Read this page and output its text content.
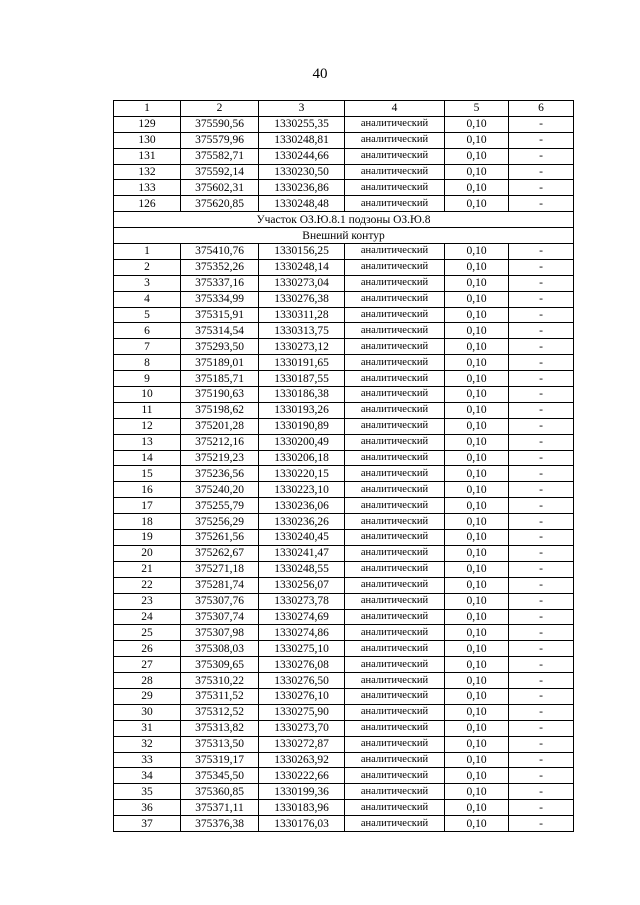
40
1	2	3	4	5	6
129	375590,56	1330255,35	аналитический	0,10	-
130	375579,96	1330248,81	аналитический	0,10	-
131	375582,71	1330244,66	аналитический	0,10	-
132	375592,14	1330230,50	аналитический	0,10	-
133	375602,31	1330236,86	аналитический	0,10	-
126	375620,85	1330248,48	аналитический	0,10	-
Участок ОЗ.Ю.8.1 подзоны ОЗ.Ю.8					
Внешний контур					
1	375410,76	1330156,25	аналитический	0,10	-
2	375352,26	1330248,14	аналитический	0,10	-
3	375337,16	1330273,04	аналитический	0,10	-
4	375334,99	1330276,38	аналитический	0,10	-
5	375315,91	1330311,28	аналитический	0,10	-
6	375314,54	1330313,75	аналитический	0,10	-
7	375293,50	1330273,12	аналитический	0,10	-
8	375189,01	1330191,65	аналитический	0,10	-
9	375185,71	1330187,55	аналитический	0,10	-
10	375190,63	1330186,38	аналитический	0,10	-
11	375198,62	1330193,26	аналитический	0,10	-
12	375201,28	1330190,89	аналитический	0,10	-
13	375212,16	1330200,49	аналитический	0,10	-
14	375219,23	1330206,18	аналитический	0,10	-
15	375236,56	1330220,15	аналитический	0,10	-
16	375240,20	1330223,10	аналитический	0,10	-
17	375255,79	1330236,06	аналитический	0,10	-
18	375256,29	1330236,26	аналитический	0,10	-
19	375261,56	1330240,45	аналитический	0,10	-
20	375262,67	1330241,47	аналитический	0,10	-
21	375271,18	1330248,55	аналитический	0,10	-
22	375281,74	1330256,07	аналитический	0,10	-
23	375307,76	1330273,78	аналитический	0,10	-
24	375307,74	1330274,69	аналитический	0,10	-
25	375307,98	1330274,86	аналитический	0,10	-
26	375308,03	1330275,10	аналитический	0,10	-
27	375309,65	1330276,08	аналитический	0,10	-
28	375310,22	1330276,50	аналитический	0,10	-
29	375311,52	1330276,10	аналитический	0,10	-
30	375312,52	1330275,90	аналитический	0,10	-
31	375313,82	1330273,70	аналитический	0,10	-
32	375313,50	1330272,87	аналитический	0,10	-
33	375319,17	1330263,92	аналитический	0,10	-
34	375345,50	1330222,66	аналитический	0,10	-
35	375360,85	1330199,36	аналитический	0,10	-
36	375371,11	1330183,96	аналитический	0,10	-
37	375376,38	1330176,03	аналитический	0,10	-
